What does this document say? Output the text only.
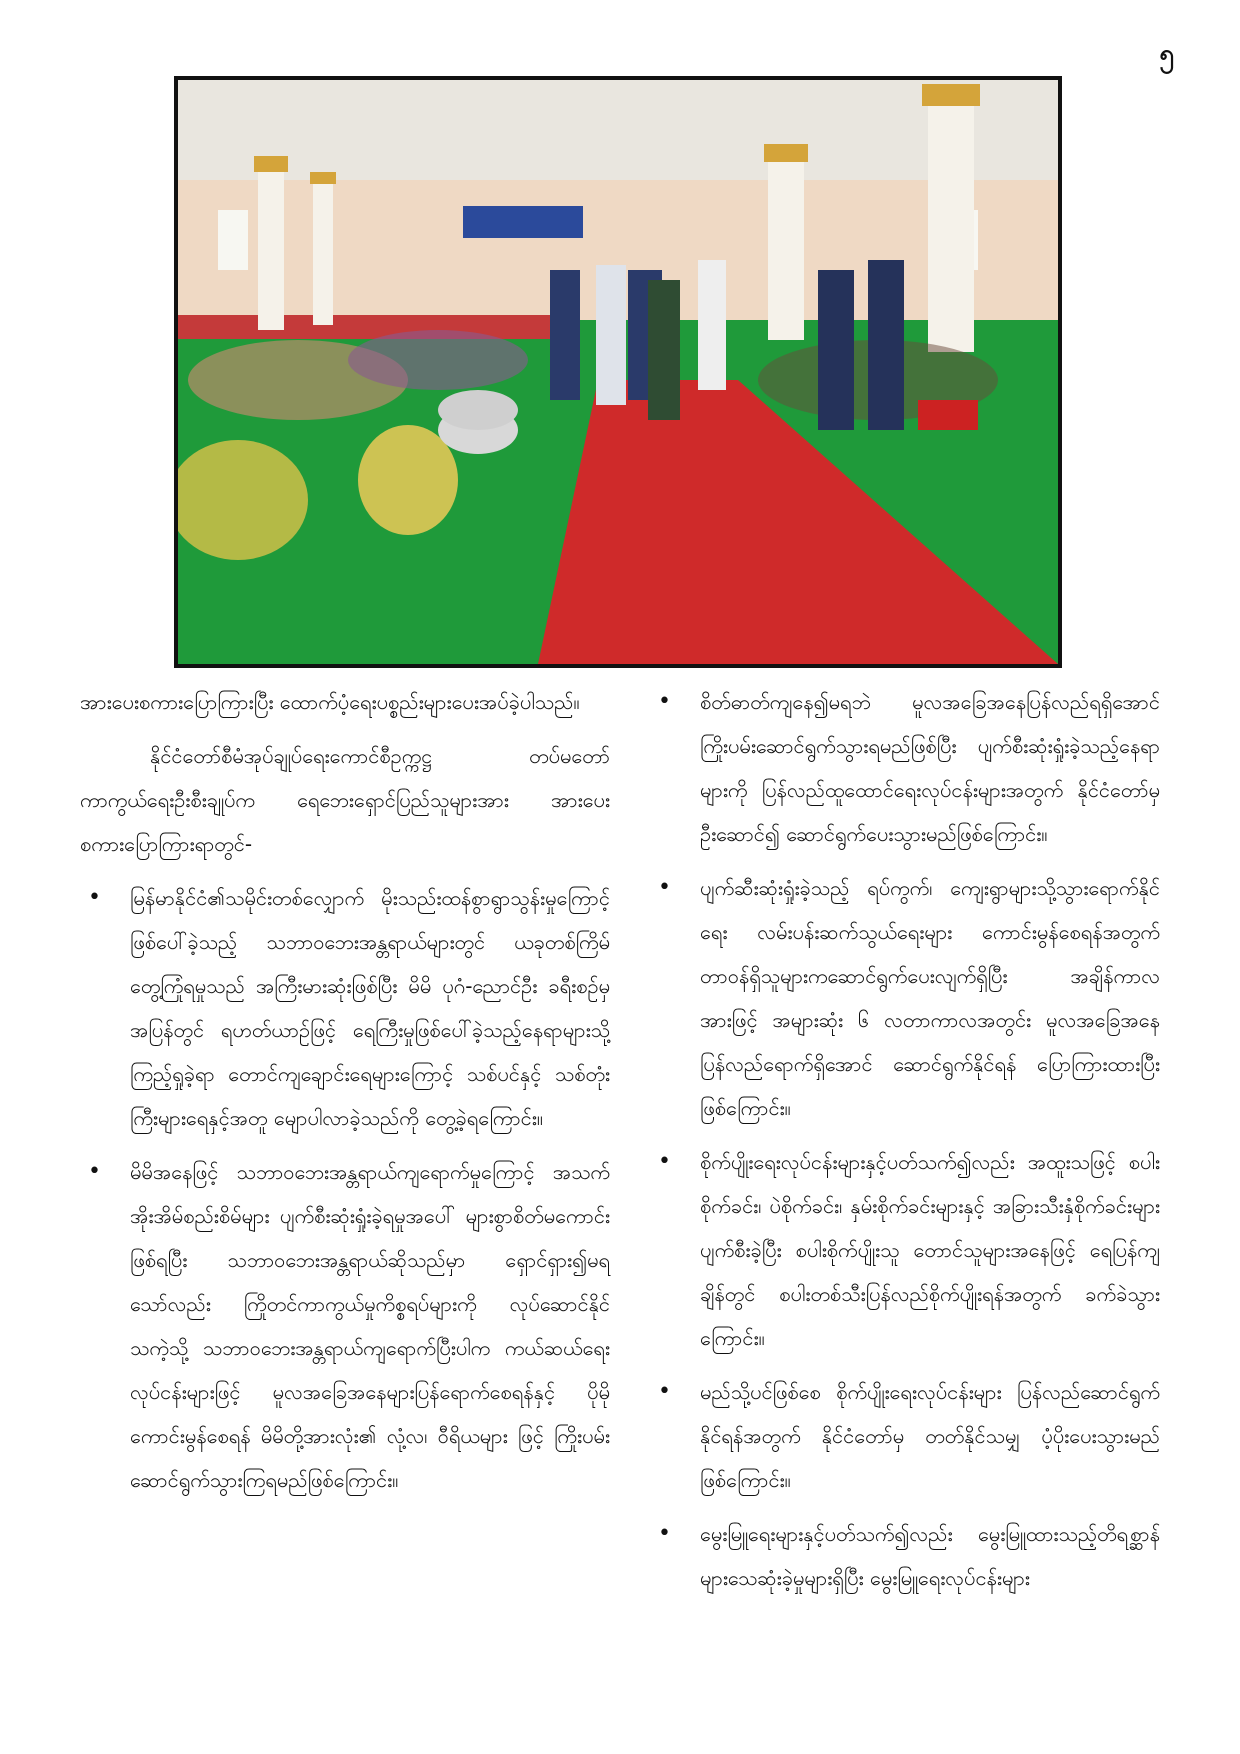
၅

အားပေးစကားပြောကြားပြီး ထောက်ပံ့ရေးပစ္စည်းများပေးအပ်ခဲ့ပါသည်။

နိုင်ငံတော်စီမံအုပ်ချုပ်ရေးကောင်စီဥက္ကဋ္ဌ တပ်မတော်ကာကွယ်ရေးဦးစီးချုပ်က ရေဘေးရှောင်ပြည်သူများအား အားပေးစကားပြောကြားရာတွင်-

• မြန်မာနိုင်ငံ၏သမိုင်းတစ်လျှောက် မိုးသည်းထန်စွာရွာသွန်းမှုကြောင့်ဖြစ်ပေါ်ခဲ့သည့် သဘာဝဘေးအန္တရာယ်များတွင် ယခုတစ်ကြိမ် တွေ့ကြုံရမှုသည် အကြီးမားဆုံးဖြစ်ပြီး မိမိ ပုဂံ-ညောင်ဦး ခရီးစဉ်မှအပြန်တွင် ရဟတ်ယာဉ်ဖြင့် ရေကြီးမှုဖြစ်ပေါ်ခဲ့သည့်နေရာများသို့ကြည့်ရှုခဲ့ရာ တောင်ကျချောင်းရေများကြောင့် သစ်ပင်နှင့် သစ်တုံးကြီးများရေနှင့်အတူ မျောပါလာခဲ့သည်ကို တွေ့ခဲ့ရကြောင်း။
• မိမိအနေဖြင့် သဘာဝဘေးအန္တရာယ်ကျရောက်မှုကြောင့် အသက်အိုးအိမ်စည်းစိမ်များ ပျက်စီးဆုံးရှုံးခဲ့ရမှုအပေါ် များစွာစိတ်မကောင်းဖြစ်ရပြီး သဘာဝဘေးအန္တရာယ်ဆိုသည်မှာ ရှောင်ရှား၍မရသော်လည်း ကြိုတင်ကာကွယ်မှုကိစ္စရပ်များကို လုပ်ဆောင်နိုင်သကဲ့သို့ သဘာဝဘေးအန္တရာယ်ကျရောက်ပြီးပါက ကယ်ဆယ်ရေးလုပ်ငန်းများဖြင့် မူလအခြေအနေများပြန်ရောက်စေရန်နှင့် ပိုမိုကောင်းမွန်စေရန် မိမိတို့အားလုံး၏ လုံ့လ၊ ဝီရိယများ ဖြင့် ကြိုးပမ်းဆောင်ရွက်သွားကြရမည်ဖြစ်ကြောင်း။
• စိတ်ဓာတ်ကျနေ၍မရဘဲ မူလအခြေအနေပြန်လည်ရရှိအောင် ကြိုးပမ်းဆောင်ရွက်သွားရမည်ဖြစ်ပြီး ပျက်စီးဆုံးရှုံးခဲ့သည့်နေရာများကို ပြန်လည်ထူထောင်ရေးလုပ်ငန်းများအတွက် နိုင်ငံတော်မှဦးဆောင်၍ ဆောင်ရွက်ပေးသွားမည်ဖြစ်ကြောင်း။
• ပျက်ဆီးဆုံးရှုံးခဲ့သည့် ရပ်ကွက်၊ ကျေးရွာများသို့သွားရောက်နိုင်ရေး လမ်းပန်းဆက်သွယ်ရေးများ ကောင်းမွန်စေရန်အတွက် တာဝန်ရှိသူများကဆောင်ရွက်ပေးလျက်ရှိပြီး အချိန်ကာလအားဖြင့် အများဆုံး ၆ လတာကာလအတွင်း မူလအခြေအနေပြန်လည်ရောက်ရှိအောင် ဆောင်ရွက်နိုင်ရန် ပြောကြားထားပြီးဖြစ်ကြောင်း။
• စိုက်ပျိုးရေးလုပ်ငန်းများနှင့်ပတ်သက်၍လည်း အထူးသဖြင့် စပါးစိုက်ခင်း၊ ပဲစိုက်ခင်း၊ နှမ်းစိုက်ခင်းများနှင့် အခြားသီးနှံစိုက်ခင်းများပျက်စီးခဲ့ပြီး စပါးစိုက်ပျိုးသူ တောင်သူများအနေဖြင့် ရေပြန်ကျချိန်တွင် စပါးတစ်သီးပြန်လည်စိုက်ပျိုးရန်အတွက် ခက်ခဲသွားကြောင်း။
• မည်သို့ပင်ဖြစ်စေ စိုက်ပျိုးရေးလုပ်ငန်းများ ပြန်လည်ဆောင်ရွက်နိုင်ရန်အတွက် နိုင်ငံတော်မှ တတ်နိုင်သမျှ ပံ့ပိုးပေးသွားမည်ဖြစ်ကြောင်း။
• မွေးမြူရေးများနှင့်ပတ်သက်၍လည်း မွေးမြူထားသည့်တိရစ္ဆာန်များသေဆုံးခဲ့မှုများရှိပြီး မွေးမြူရေးလုပ်ငန်းများ
